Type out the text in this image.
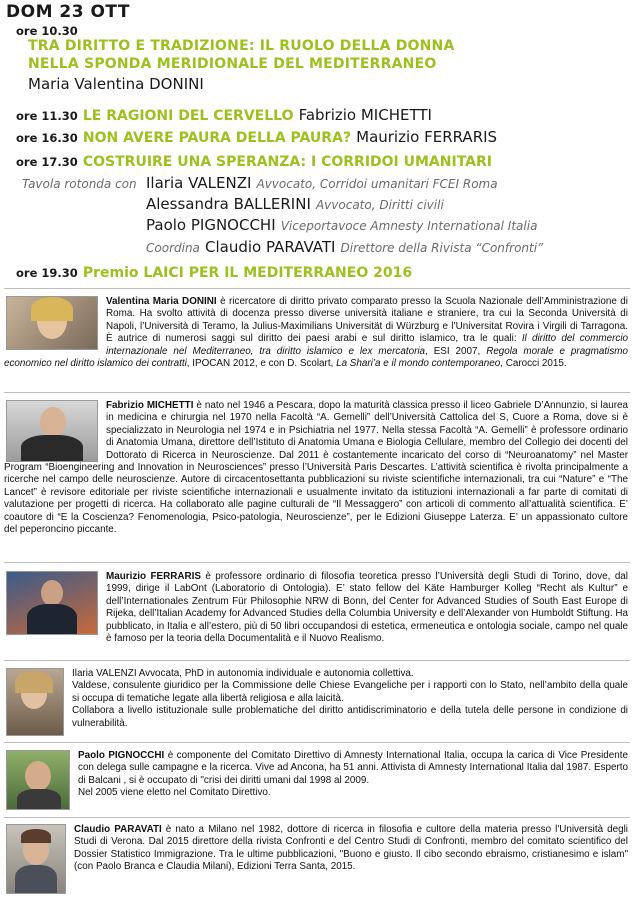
DOM 23 OTT
ore 10.30
TRA DIRITTO E TRADIZIONE: IL RUOLO DELLA DONNA
NELLA SPONDA MERIDIONALE DEL MEDITERRANEO
Maria Valentina DONINI
ore 11.30 LE RAGIONI DEL CERVELLO Fabrizio MICHETTI
ore 16.30 NON AVERE PAURA DELLA PAURA? Maurizio FERRARIS
ore 17.30 COSTRUIRE UNA SPERANZA: I CORRIDOI UMANITARI
Tavola rotonda con Ilaria VALENZI Avvocato, Corridoi umanitari FCEI Roma
Alessandra BALLERINI Avvocato, Diritti civili
Paolo PIGNOCCHI Viceportavoce Amnesty International Italia
Coordina Claudio PARAVATI Direttore della Rivista “Confronti”
ore 19.30 Premio LAICI PER IL MEDITERRANEO 2016

Valentina Maria DONINI è ricercatore di diritto privato comparato presso la Scuola Nazionale dell’Amministrazione di Roma. Ha svolto attività di docenza presso diverse università italiane e straniere, tra cui la Seconda Università di Napoli, l’Università di Teramo, la Julius-Maximilians Universität di Würzburg e l’Universitat Rovira i Virgili di Tarragona. È autrice di numerosi saggi sul diritto dei paesi arabi e sul diritto islamico, tra le quali: Il diritto del commercio internazionale nel Mediterraneo, tra diritto islamico e lex mercatoria, ESI 2007, Regola morale e pragmatismo economico nel diritto islamico dei contratti, IPOCAN 2012, e con D. Scolart, La Shari’a e il mondo contemporaneo, Carocci 2015.

Fabrizio MICHETTI è nato nel 1946 a Pescara, dopo la maturità classica presso il liceo Gabriele D’Annunzio, si laurea in medicina e chirurgia nel 1970 nella Facoltà “A. Gemelli” dell’Università Cattolica del S, Cuore a Roma, dove si è specializzato in Neurologia nel 1974 e in Psichiatria nel 1977. Nella stessa Facoltà “A. Gemelli” è professore ordinario di Anatomia Umana, direttore dell’Istituto di Anatomia Umana e Biologia Cellulare, membro del Collegio dei docenti del Dottorato di Ricerca in Neuroscienze. Dal 2011 è costantemente incaricato del corso di “Neuroanatomy” nel Master Program “Bioengineering and Innovation in Neurosciences” presso l’Università Paris Descartes. L’attività scientifica è rivolta principalmente a ricerche nel campo delle neuroscienze. Autore di circacentosettanta pubblicazioni su riviste scientifiche internazionali, tra cui “Nature” e “The Lancet” è revisore editoriale per riviste scientifiche internazionali e usualmente invitato da istituzioni internazionali a far parte di comitati di valutazione per progetti di ricerca. Ha collaborato alle pagine culturali de “Il Messaggero” con articoli di commento all’attualità scientifica. E’ coautore di “E la Coscienza? Fenomenologia, Psico-patologia, Neuroscienze”, per le Edizioni Giuseppe Laterza. E’ un appassionato cultore del peperoncino piccante.

Maurizio FERRARIS è professore ordinario di filosofia teoretica presso l’Università degli Studi di Torino, dove, dal 1999, dirige il LabOnt (Laboratorio di Ontologia). E’ stato fellow del Käte Hamburger Kolleg “Recht als Kultur” e dell’Internationales Zentrum Für Philosophie NRW di Bonn, del Center for Advanced Studies of South East Europe di Rijeka, dell’Italian Academy for Advanced Studies della Columbia University e dell’Alexander von Humboldt Stiftung. Ha pubblicato, in Italia e all’estero, più di 50 libri occupandosi di estetica, ermeneutica e ontologia sociale, campo nel quale è famoso per la teoria della Documentalità e il Nuovo Realismo.

Ilaria VALENZI Avvocata, PhD in autonomia individuale e autonomia collettiva.

Valdese, consulente giuridico per la Commissione delle Chiese Evangeliche per i rapporti con lo Stato, nell’ambito della quale si occupa di tematiche legate alla libertà religiosa e alla laicità.

Collabora a livello istituzionale sulle problematiche del diritto antidiscriminatorio e della tutela delle persone in condizione di vulnerabilità.

Paolo PIGNOCCHI è componente del Comitato Direttivo di Amnesty International Italia, occupa la carica di Vice Presidente con delega sulle campagne e la ricerca. Vive ad Ancona, ha 51 anni. Attivista di Amnesty International Italia dal 1987. Esperto di Balcani , si è occupato di "crisi dei diritti umani dal 1998 al 2009.

Nel 2005 viene eletto nel Comitato Direttivo.

Claudio PARAVATI è nato a Milano nel 1982, dottore di ricerca in filosofia e cultore della materia presso l'Università degli Studi di Verona. Dal 2015 direttore della rivista Confronti e del Centro Studi di Confronti, membro del comitato scientifico del Dossier Statistico Immigrazione. Tra le ultime pubblicazioni, "Buono e giusto. Il cibo secondo ebraismo, cristianesimo e islam"(con Paolo Branca e Claudia Milani), Edizioni Terra Santa, 2015.
